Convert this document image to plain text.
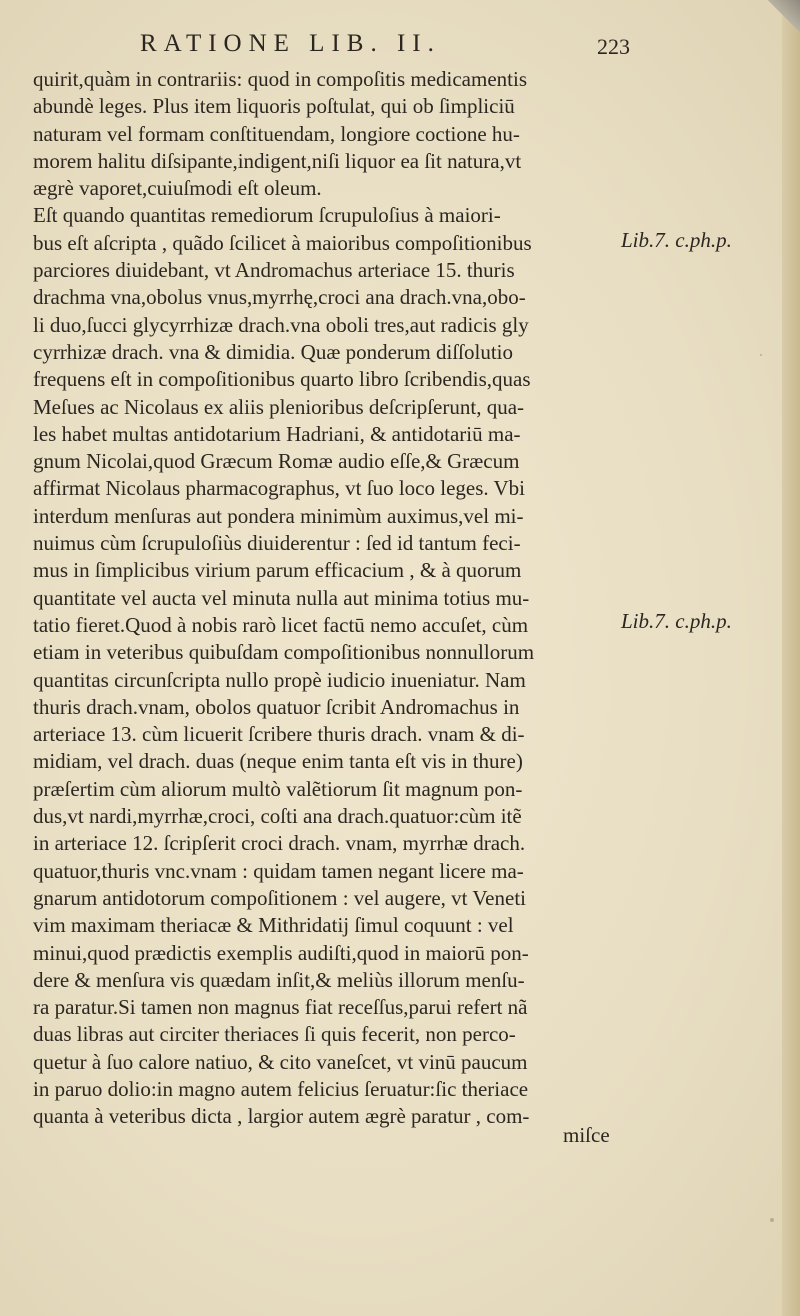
RATIONE LIB. II.	223
quirit,quàm in contrariis: quod in compoſitis medicamentis
abundè leges. Plus item liquoris poſtulat, qui ob ſimpliciū
naturam vel formam conſtituendam, longiore coctione hu-
morem halitu diſsipante,indigent,niſi liquor ea ſit natura,vt
ægrè vaporet,cuiuſmodi eſt oleum.
Eſt quando quantitas remediorum ſcrupuloſius à maiori-
bus eſt aſcripta , quãdo ſcilicet à maioribus compoſitionibus
parciores diuidebant, vt Andromachus arteriace 15. thuris
drachma vna,obolus vnus,myrrhę,croci ana drach.vna,obo-
li duo,ſucci glycyrrhizæ drach.vna oboli tres,aut radicis gly
cyrrhizæ drach. vna & dimidia. Quæ ponderum diſſolutio
frequens eſt in compoſitionibus quarto libro ſcribendis,quas
Meſues ac Nicolaus ex aliis plenioribus deſcripſerunt, qua-
les habet multas antidotarium Hadriani, & antidotariū ma-
gnum Nicolai,quod Græcum Romæ audio eſſe,& Græcum
affirmat Nicolaus pharmacographus, vt ſuo loco leges. Vbi
interdum menſuras aut pondera minimùm auximus,vel mi-
nuimus cùm ſcrupuloſiùs diuiderentur : ſed id tantum feci-
mus in ſimplicibus virium parum efficacium , & à quorum
quantitate vel aucta vel minuta nulla aut minima totius mu-
tatio fieret.Quod à nobis rarò licet factū nemo accuſet, cùm
etiam in veteribus quibuſdam compoſitionibus nonnullorum
quantitas circunſcripta nullo propè iudicio inueniatur. Nam
thuris drach.vnam, obolos quatuor ſcribit Andromachus in
arteriace 13. cùm licuerit ſcribere thuris drach. vnam & di-
midiam, vel drach. duas (neque enim tanta eſt vis in thure)
præſertim cùm aliorum multò valẽtiorum ſit magnum pon-
dus,vt nardi,myrrhæ,croci, coſti ana drach.quatuor:cùm itẽ
in arteriace 12. ſcripſerit croci drach. vnam, myrrhæ drach.
quatuor,thuris vnc.vnam : quidam tamen negant licere ma-
gnarum antidotorum compoſitionem : vel augere, vt Veneti
vim maximam theriacæ & Mithridatij ſimul coquunt : vel
minui,quod prædictis exemplis audiſti,quod in maiorū pon-
dere & menſura vis quædam inſit,& meliùs illorum menſu-
ra paratur.Si tamen non magnus fiat receſſus,parui refert nã
duas libras aut circiter theriaces ſi quis fecerit, non perco-
quetur à ſuo calore natiuo, & cito vaneſcet, vt vinū paucum
in paruo dolio:in magno autem felicius ſeruatur:ſic theriace
quanta à veteribus dicta , largior autem ægrè paratur , com-
Lib.7. c.ph.p.
Lib.7. c.ph.p.
miſce
